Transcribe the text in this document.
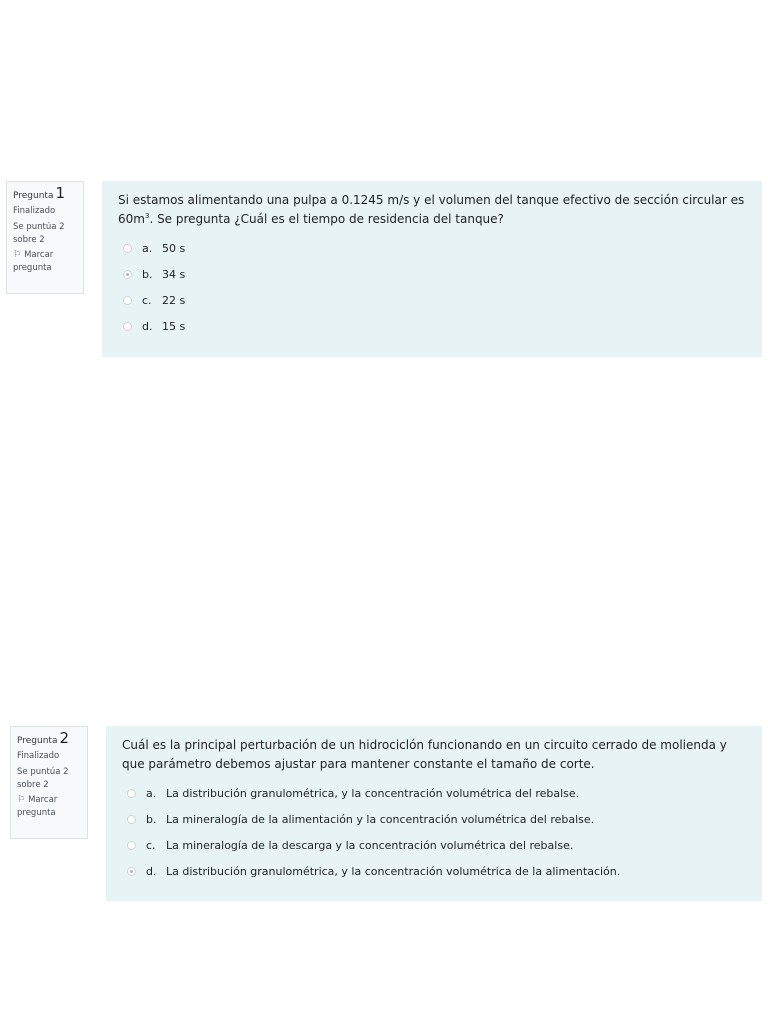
Pregunta 1
Finalizado
Se puntúa 2
sobre 2
⚐ Marcar
pregunta
Si estamos alimentando una pulpa a 0.1245 m/s y el volumen del tanque efectivo de sección circular es $60m^3$. Se pregunta ¿Cuál es el tiempo de residencia del tanque?
a. 50 s
b. 34 s
c. 22 s
d. 15 s
Pregunta 2
Finalizado
Se puntúa 2
sobre 2
⚐ Marcar
pregunta
Cuál es la principal perturbación de un hidrociclón funcionando en un circuito cerrado de molienda y que parámetro debemos ajustar para mantener constante el tamaño de corte.
a. La distribución granulométrica, y la concentración volumétrica del rebalse.
b. La mineralogía de la alimentación y la concentración volumétrica del rebalse.
c. La mineralogía de la descarga y la concentración volumétrica del rebalse.
d. La distribución granulométrica, y la concentración volumétrica de la alimentación.
